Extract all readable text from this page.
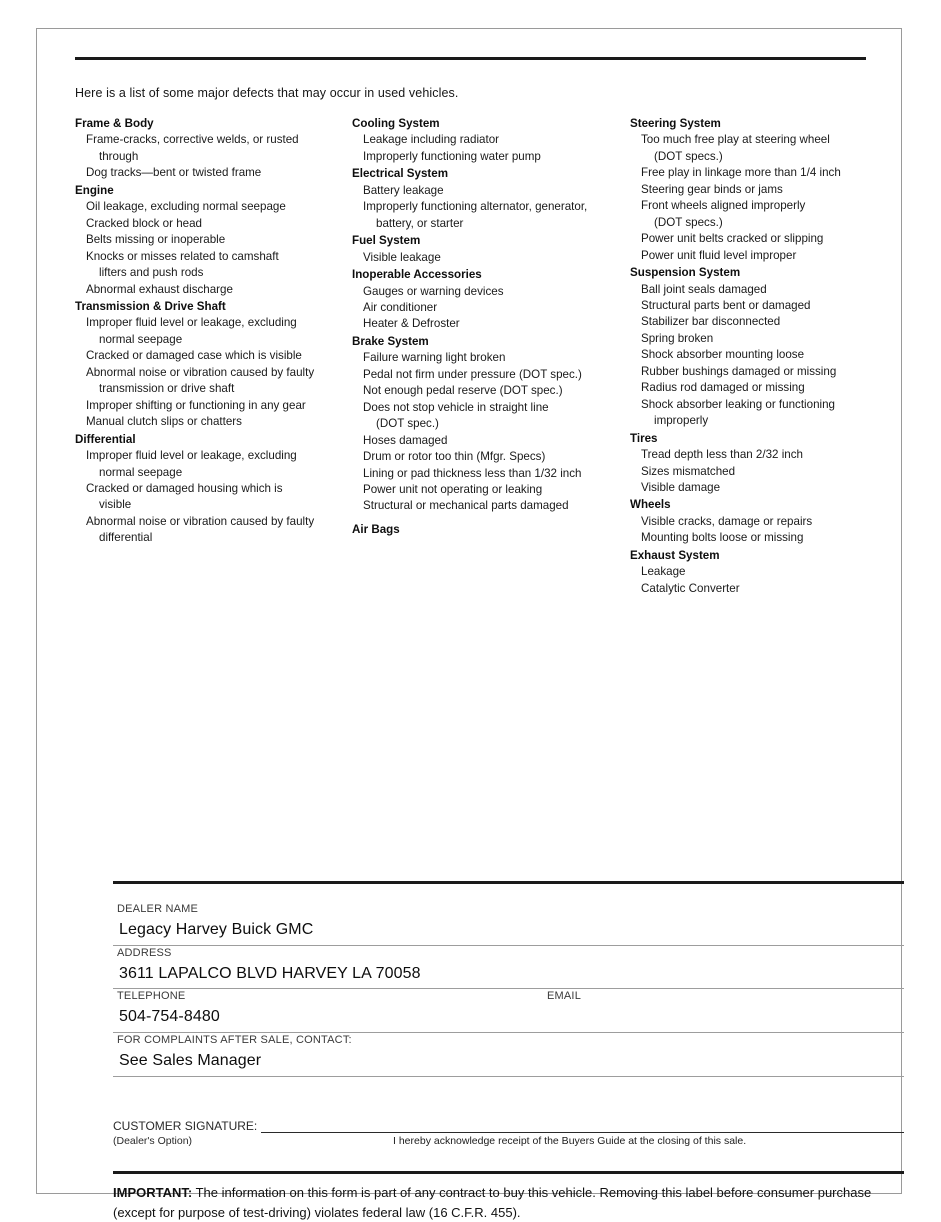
Here is a list of some major defects that may occur in used vehicles.
Frame & Body
Frame-cracks, corrective welds, or rusted
through
Dog tracks—bent or twisted frame
Engine
Oil leakage, excluding normal seepage
Cracked block or head
Belts missing or inoperable
Knocks or misses related to camshaft
lifters and push rods
Abnormal exhaust discharge
Transmission & Drive Shaft
Improper fluid level or leakage, excluding
normal seepage
Cracked or damaged case which is visible
Abnormal noise or vibration caused by faulty
transmission or drive shaft
Improper shifting or functioning in any gear
Manual clutch slips or chatters
Differential
Improper fluid level or leakage, excluding
normal seepage
Cracked or damaged housing which is
visible
Abnormal noise or vibration caused by faulty
differential
Cooling System
Leakage including radiator
Improperly functioning water pump
Electrical System
Battery leakage
Improperly functioning alternator, generator,
battery, or starter
Fuel System
Visible leakage
Inoperable Accessories
Gauges or warning devices
Air conditioner
Heater & Defroster
Brake System
Failure warning light broken
Pedal not firm under pressure (DOT spec.)
Not enough pedal reserve (DOT spec.)
Does not stop vehicle in straight line
(DOT spec.)
Hoses damaged
Drum or rotor too thin (Mfgr. Specs)
Lining or pad thickness less than 1/32 inch
Power unit not operating or leaking
Structural or mechanical parts damaged
Air Bags
Steering System
Too much free play at steering wheel
(DOT specs.)
Free play in linkage more than 1/4 inch
Steering gear binds or jams
Front wheels aligned improperly
(DOT specs.)
Power unit belts cracked or slipping
Power unit fluid level improper
Suspension System
Ball joint seals damaged
Structural parts bent or damaged
Stabilizer bar disconnected
Spring broken
Shock absorber mounting loose
Rubber bushings damaged or missing
Radius rod damaged or missing
Shock absorber leaking or functioning
improperly
Tires
Tread depth less than 2/32 inch
Sizes mismatched
Visible damage
Wheels
Visible cracks, damage or repairs
Mounting bolts loose or missing
Exhaust System
Leakage
Catalytic Converter
DEALER NAME
Legacy Harvey Buick GMC
ADDRESS
3611 LAPALCO BLVD HARVEY LA 70058
TELEPHONE	EMAIL
504-754-8480

FOR COMPLAINTS AFTER SALE, CONTACT:
See Sales Manager
CUSTOMER SIGNATURE:
(Dealer's Option)	I hereby acknowledge receipt of the Buyers Guide at the closing of this sale.
IMPORTANT: The information on this form is part of any contract to buy this vehicle. Removing this label before consumer purchase (except for purpose of test-driving) violates federal law (16 C.F.R. 455).
